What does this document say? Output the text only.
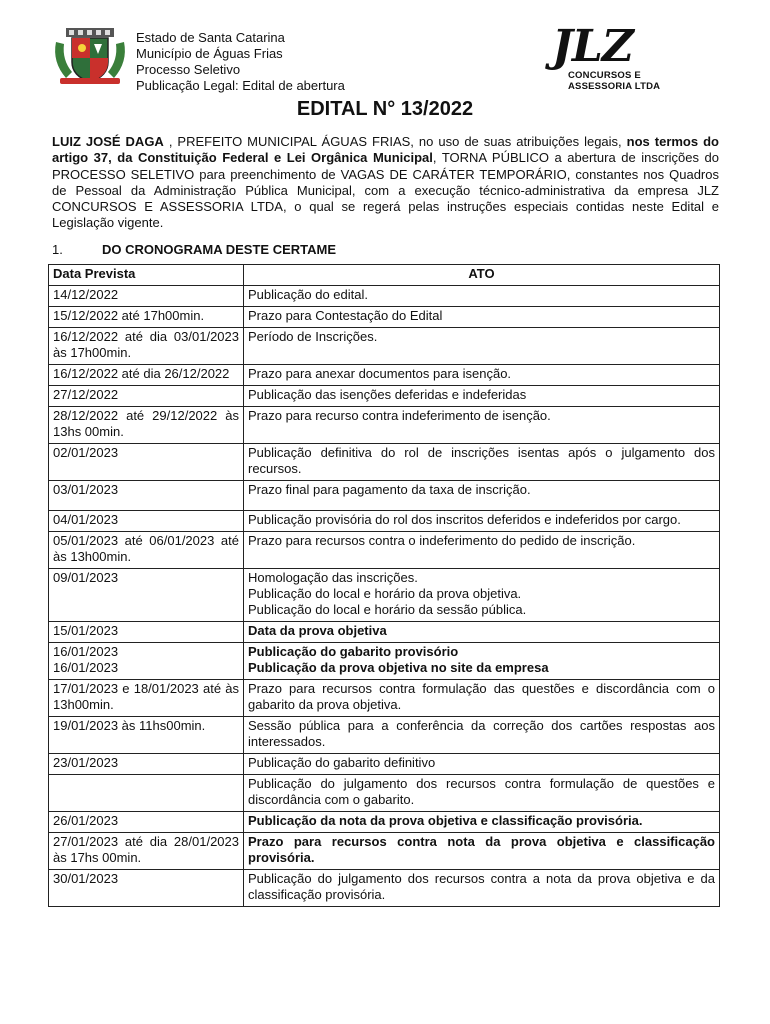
Estado de Santa Catarina
Município de Águas Frias
Processo Seletivo
Publicação Legal: Edital de abertura
JLZ
CONCURSOS E
ASSESSORIA LTDA
EDITAL N° 13/2022
LUIZ JOSÉ DAGA , PREFEITO MUNICIPAL ÁGUAS FRIAS, no uso de suas atribuições legais, nos termos do artigo 37, da Constituição Federal e Lei Orgânica Municipal, TORNA PÚBLICO a abertura de inscrições do PROCESSO SELETIVO para preenchimento de VAGAS DE CARÁTER TEMPORÁRIO, constantes nos Quadros de Pessoal da Administração Pública Municipal, com a execução técnico-administrativa da empresa JLZ CONCURSOS E ASSESSORIA LTDA, o qual se regerá pelas instruções especiais contidas neste Edital e Legislação vigente.
1.	DO CRONOGRAMA DESTE CERTAME
Data Prevista	ATO

14/12/2022	Publicação do edital.

15/12/2022 até 17h00min.	Prazo para Contestação do Edital

16/12/2022 até dia 03/01/2023 às 17h00min.	Período de Inscrições.

16/12/2022 até dia 26/12/2022	Prazo para anexar documentos para isenção.

27/12/2022	Publicação das isenções deferidas e indeferidas

28/12/2022 até 29/12/2022 às 13hs 00min.	Prazo para recurso contra indeferimento de isenção.

02/01/2023	Publicação definitiva do rol de inscrições isentas após o julgamento dos recursos.

03/01/2023	Prazo final para pagamento da taxa de inscrição.

04/01/2023	Publicação provisória do rol dos inscritos deferidos e indeferidos por cargo.

05/01/2023 até 06/01/2023 até às 13h00min.	Prazo para recursos contra o indeferimento do pedido de inscrição.

09/01/2023	Homologação das inscrições.
Publicação do local e horário da prova objetiva.
Publicação do local e horário da sessão pública.

15/01/2023	Data da prova objetiva

16/01/2023
16/01/2023	Publicação do gabarito provisório
Publicação da prova objetiva no site da empresa

17/01/2023 e 18/01/2023 até às 13h00min.	Prazo para recursos contra formulação das questões e discordância com o gabarito da prova objetiva.

19/01/2023 às 11hs00min.	Sessão pública para a conferência da correção dos cartões respostas aos interessados.

23/01/2023	Publicação do gabarito definitivo

	Publicação do julgamento dos recursos contra formulação de questões e discordância com o gabarito.

26/01/2023	Publicação da nota da prova objetiva e classificação provisória.

27/01/2023 até dia 28/01/2023 às 17hs 00min.	Prazo para recursos contra nota da prova objetiva e classificação provisória.

30/01/2023	Publicação do julgamento dos recursos contra a nota da prova objetiva e da classificação provisória.
